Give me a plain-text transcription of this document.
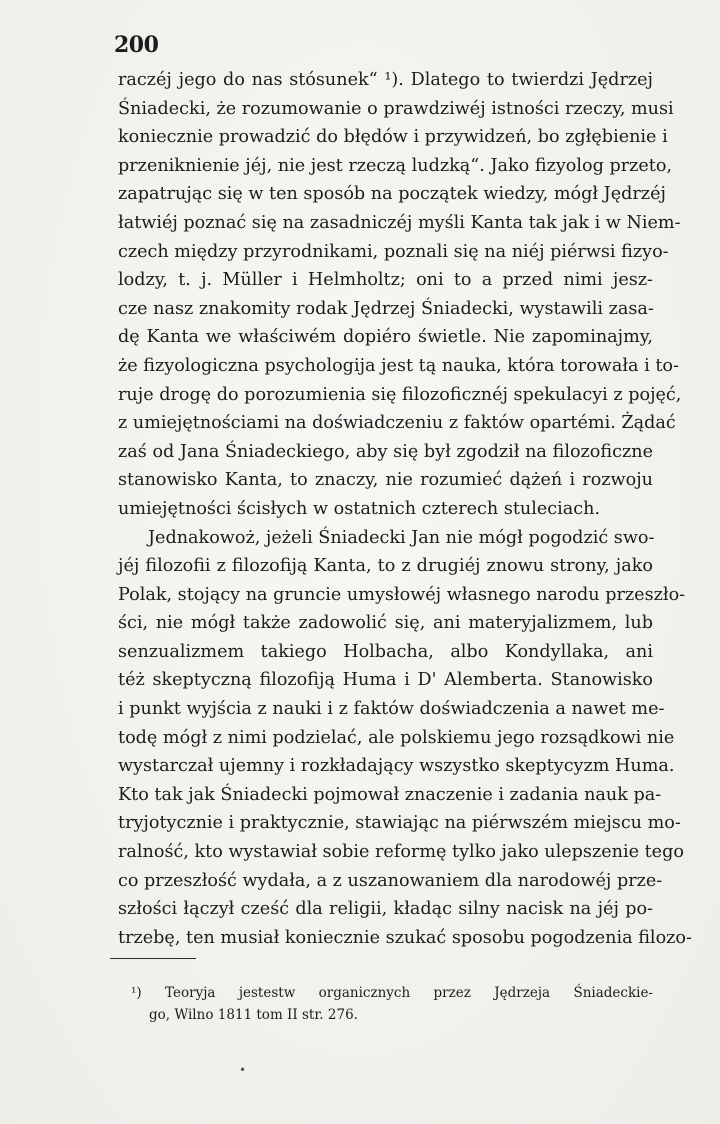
200
raczéj jego do nas stósunek“ ¹). Dlatego to twierdzi Jędrzej
Śniadecki, że rozumowanie o prawdziwéj istności rzeczy, musi
koniecznie prowadzić do błędów i przywidzeń, bo zgłębienie i
przeniknienie jéj, nie jest rzeczą ludzką“. Jako fizyolog przeto,
zapatrując się w ten sposób na początek wiedzy, mógł Jędrzéj
łatwiéj poznać się na zasadniczéj myśli Kanta tak jak i w Niem-
czech między przyrodnikami, poznali się na niéj piérwsi fizyo-
lodzy, t. j. Müller i Helmholtz; oni to a przed nimi jesz-
cze nasz znakomity rodak Jędrzej Śniadecki, wystawili zasa-
dę Kanta we właściwém dopiéro świetle. Nie zapominajmy,
że fizyologiczna psychologija jest tą nauka, która torowała i to-
ruje drogę do porozumienia się filozoficznéj spekulacyi z pojęć,
z umiejętnościami na doświadczeniu z faktów opartémi. Żądać
zaś od Jana Śniadeckiego, aby się był zgodził na filozoficzne
stanowisko Kanta, to znaczy, nie rozumieć dążeń i rozwoju
umiejętności ścisłych w ostatnich czterech stuleciach.
Jednakowoż, jeżeli Śniadecki Jan nie mógł pogodzić swo-
jéj filozofii z filozofiją Kanta, to z drugiéj znowu strony, jako
Polak, stojący na gruncie umysłowéj własnego narodu przeszło-
ści, nie mógł także zadowolić się, ani materyjalizmem, lub
senzualizmem takiego Holbacha, albo Kondyllaka, ani
téż skeptyczną filozofiją Huma i D' Alemberta. Stanowisko
i punkt wyjścia z nauki i z faktów doświadczenia a nawet me-
todę mógł z nimi podzielać, ale polskiemu jego rozsądkowi nie
wystarczał ujemny i rozkładający wszystko skeptycyzm Huma.
Kto tak jak Śniadecki pojmował znaczenie i zadania nauk pa-
tryjotycznie i praktycznie, stawiając na piérwszém miejscu mo-
ralność, kto wystawiał sobie reformę tylko jako ulepszenie tego
co przeszłość wydała, a z uszanowaniem dla narodowéj prze-
szłości łączył cześć dla religii, kładąc silny nacisk na jéj po-
trzebę, ten musiał koniecznie szukać sposobu pogodzenia filozo-
¹) Teoryja jestestw organicznych przez Jędrzeja Śniadeckie-
go, Wilno 1811 tom II str. 276.
•
